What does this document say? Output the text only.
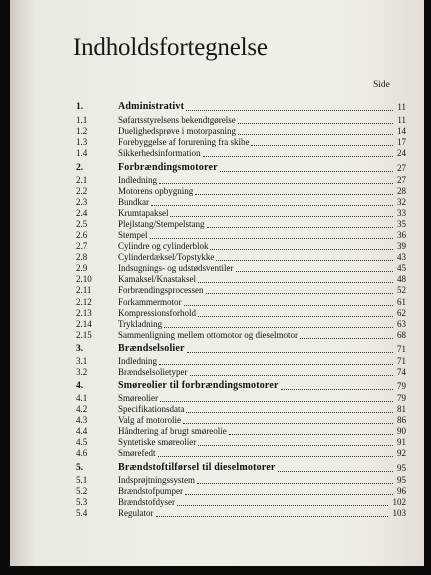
Indholdsfortegnelse
Side
1.	Administrativt	11
1.1	Søfartsstyrelsens bekendtgørelse	11
1.2	Duelighedsprøve i motorpasning	14
1.3	Forebyggelse af forurening fra skibe	17
1.4	Sikkerhedsinformation	24
2.	Forbrændingsmotorer	27
2.1	Indledning	27
2.2	Motorens opbygning	28
2.3	Bundkar	32
2.4	Krumtapaksel	33
2.5	Plejlstang/Stempelstang	35
2.6	Stempel	36
2.7	Cylindre og cylinderblok	39
2.8	Cylinderdæksel/Topstykke	43
2.9	Indsugnings- og udstødsventiler	45
2.10	Kamaksel/Knastaksel	48
2.11	Forbrændingsprocessen	52
2.12	Forkammermotor	61
2.13	Kompressionsforhold	62
2.14	Trykladning	63
2.15	Sammenligning mellem ottomotor og dieselmotor	68
3.	Brændselsolier	71
3.1	Indledning	71
3.2	Brændselsolietyper	74
4.	Smøreolier til forbrændingsmotorer	79
4.1	Smøreolier	79
4.2	Specifikationsdata	81
4.3	Valg af motorolie	86
4.4	Håndtering af brugt smøreolie	90
4.5	Syntetiske smøreolier	91
4.6	Smørefedt	92
5.	Brændstoftilførsel til dieselmotorer	95
5.1	Indsprøjtningssystem	95
5.2	Brændstofpumper	96
5.3	Brændstofdyser	102
5.4	Regulator	103
